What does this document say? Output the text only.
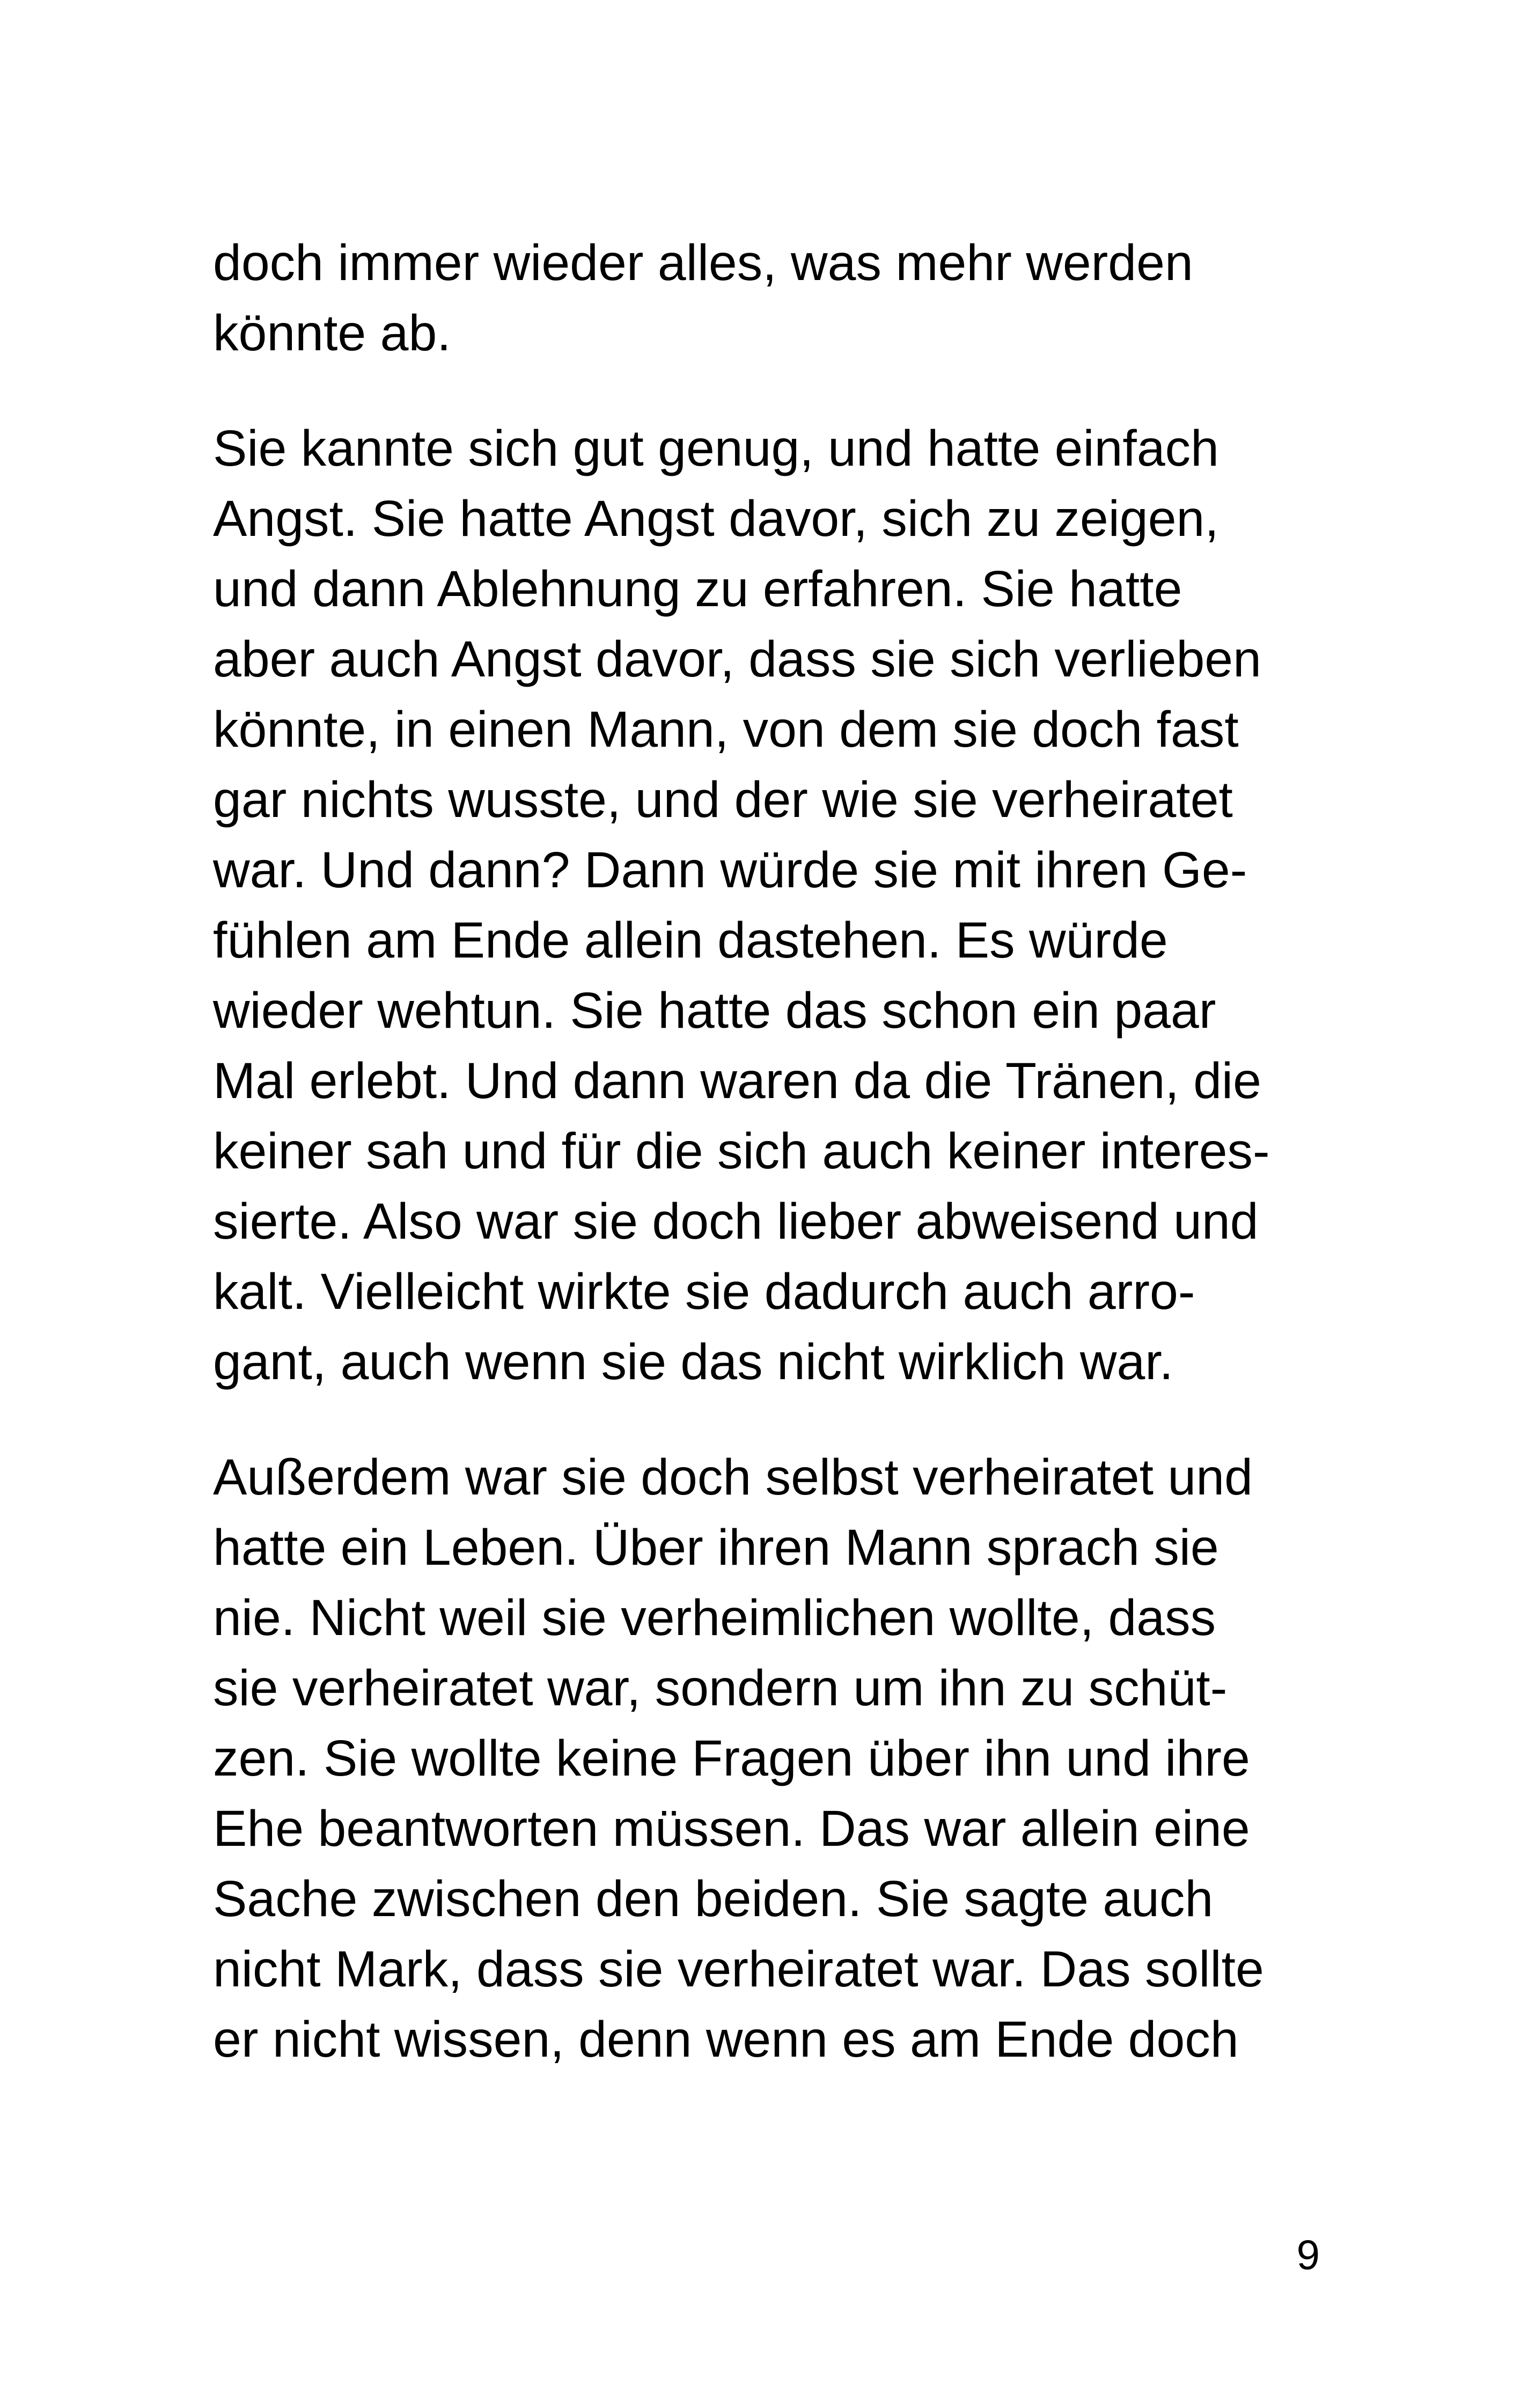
doch immer wieder alles, was mehr werden
könnte ab.

Sie kannte sich gut genug, und hatte einfach
Angst. Sie hatte Angst davor, sich zu zeigen,
und dann Ablehnung zu erfahren. Sie hatte
aber auch Angst davor, dass sie sich verlieben
könnte, in einen Mann, von dem sie doch fast
gar nichts wusste, und der wie sie verheiratet
war. Und dann? Dann würde sie mit ihren Ge-
fühlen am Ende allein dastehen. Es würde
wieder wehtun. Sie hatte das schon ein paar
Mal erlebt. Und dann waren da die Tränen, die
keiner sah und für die sich auch keiner interes-
sierte. Also war sie doch lieber abweisend und
kalt. Vielleicht wirkte sie dadurch auch arro-
gant, auch wenn sie das nicht wirklich war.

Außerdem war sie doch selbst verheiratet und
hatte ein Leben. Über ihren Mann sprach sie
nie. Nicht weil sie verheimlichen wollte, dass
sie verheiratet war, sondern um ihn zu schüt-
zen. Sie wollte keine Fragen über ihn und ihre
Ehe beantworten müssen. Das war allein eine
Sache zwischen den beiden. Sie sagte auch
nicht Mark, dass sie verheiratet war. Das sollte
er nicht wissen, denn wenn es am Ende doch

9
